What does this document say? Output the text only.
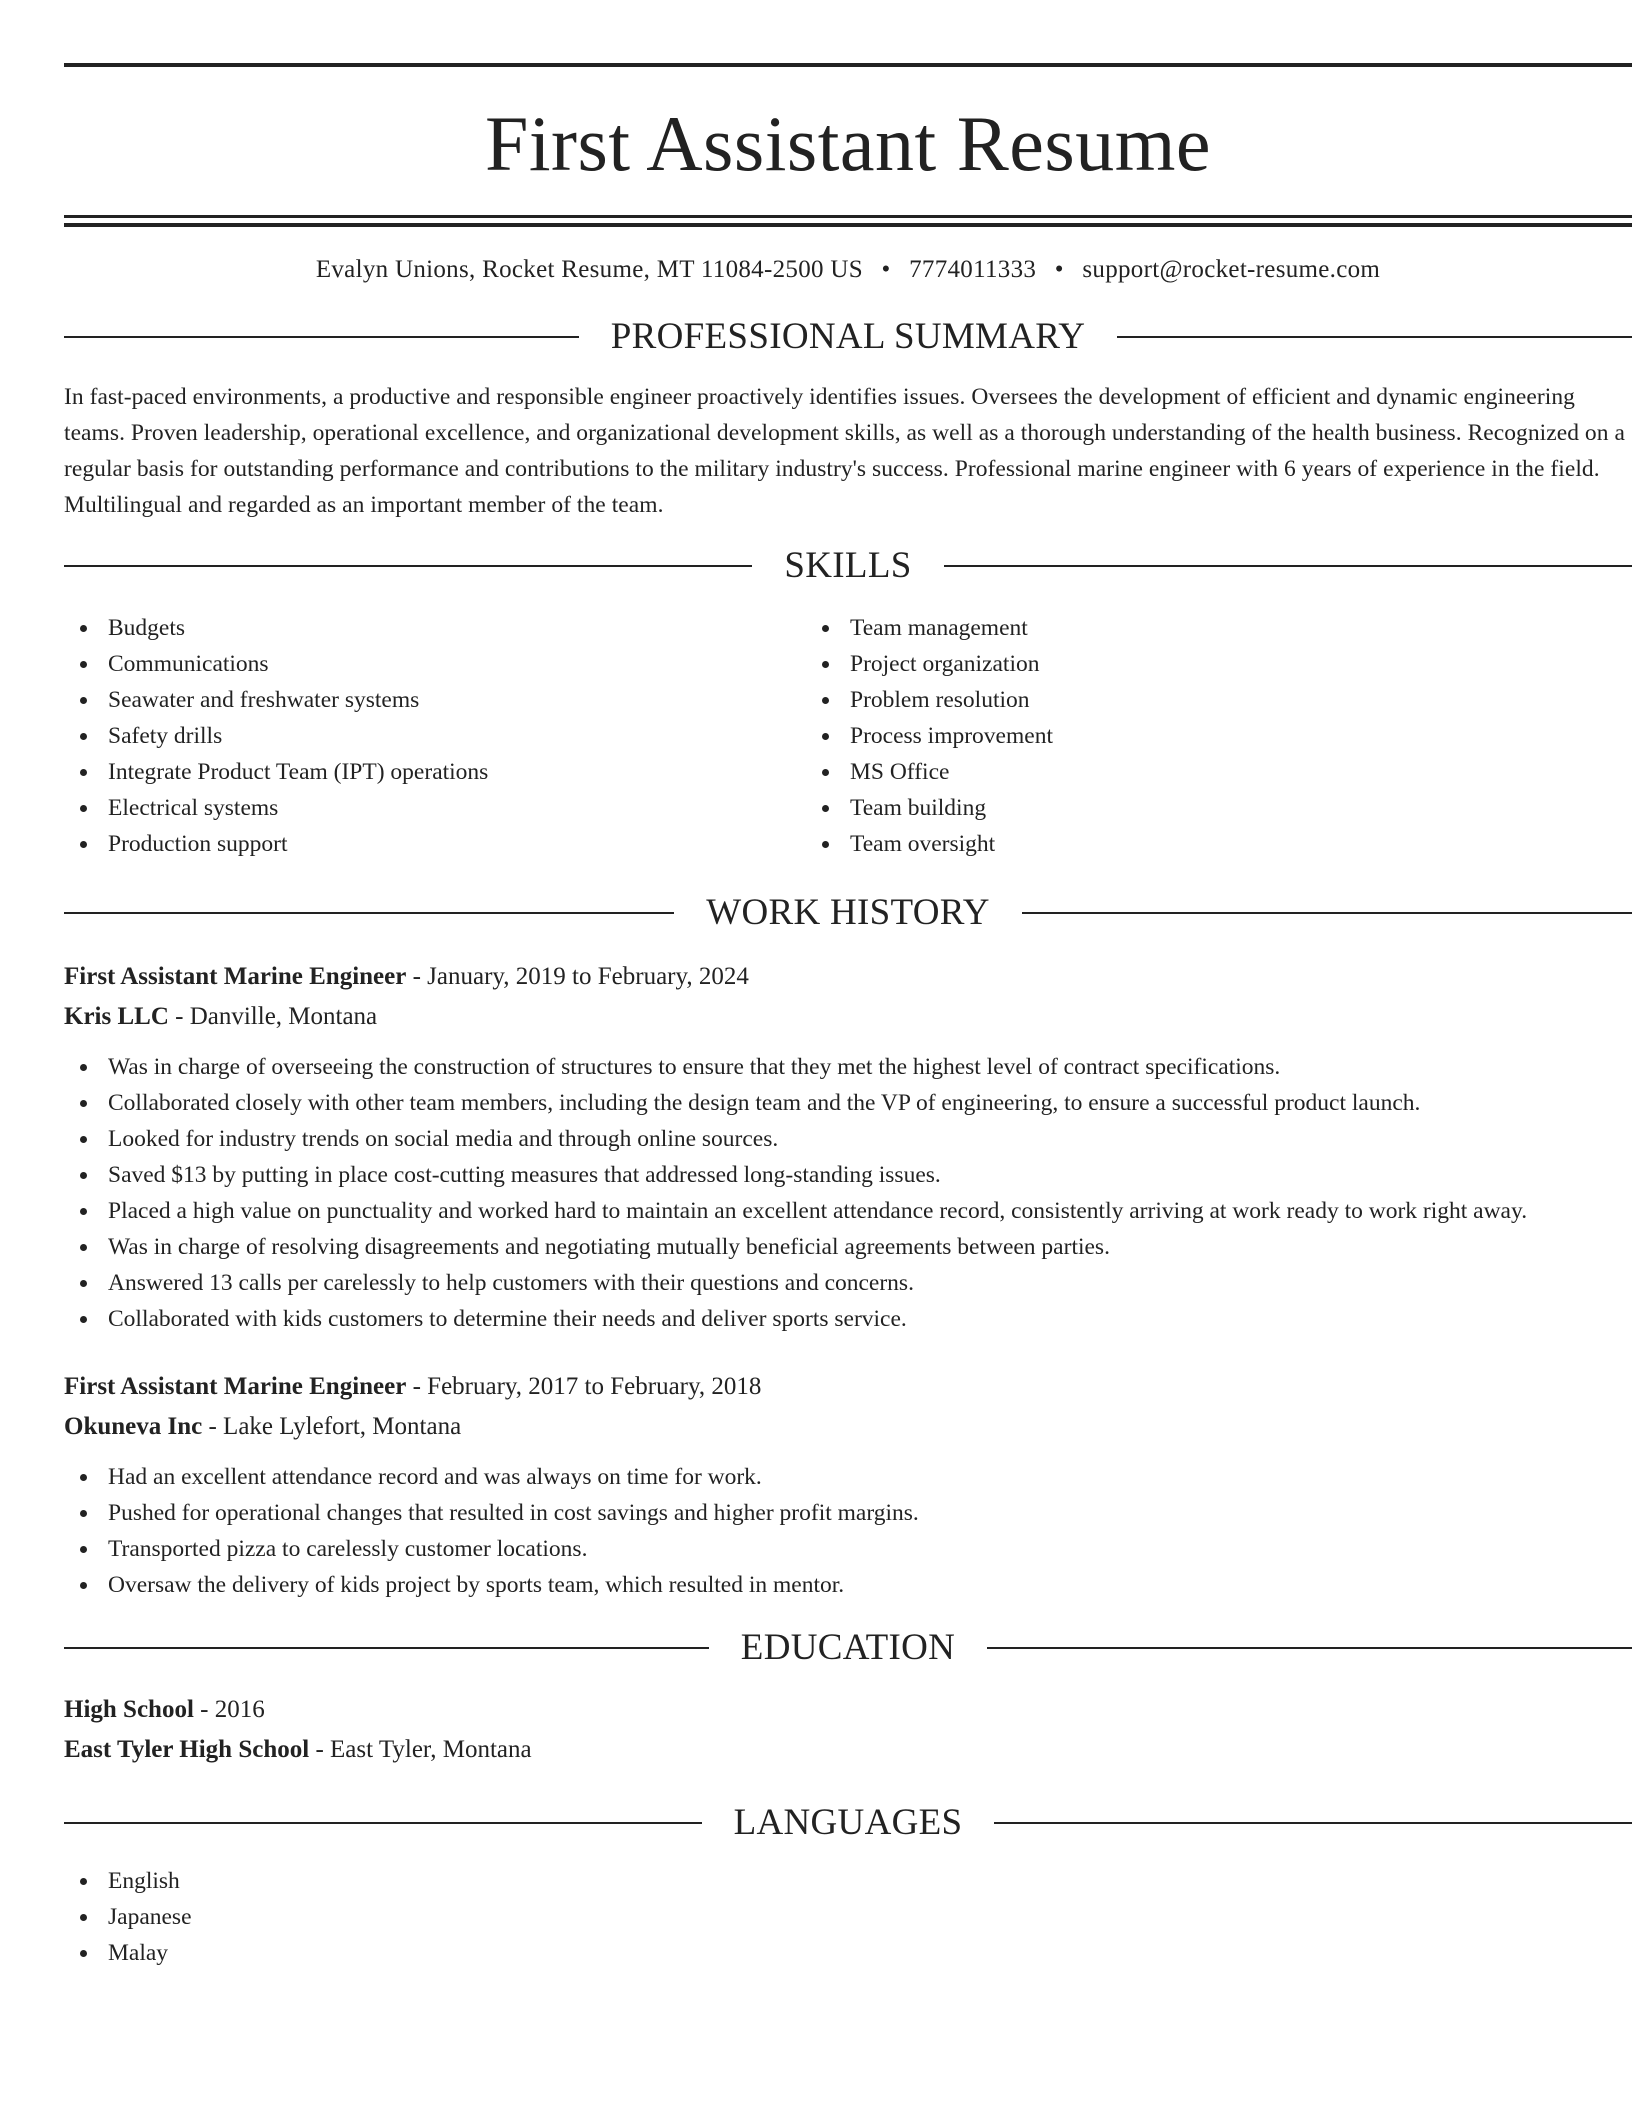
First Assistant Resume
Evalyn Unions, Rocket Resume, MT 11084-2500 US • 7774011333 • support@rocket-resume.com
PROFESSIONAL SUMMARY

In fast-paced environments, a productive and responsible engineer proactively identifies issues. Oversees the development of efficient and dynamic engineering teams. Proven leadership, operational excellence, and organizational development skills, as well as a thorough understanding of the health business. Recognized on a regular basis for outstanding performance and contributions to the military industry's success. Professional marine engineer with 6 years of experience in the field. Multilingual and regarded as an important member of the team.

SKILLS
Budgets
Communications
Seawater and freshwater systems
Safety drills
Integrate Product Team (IPT) operations
Electrical systems
Production support
Team management
Project organization
Problem resolution
Process improvement
MS Office
Team building
Team oversight
WORK HISTORY
First Assistant Marine Engineer - January, 2019 to February, 2024
Kris LLC - Danville, Montana
Was in charge of overseeing the construction of structures to ensure that they met the highest level of contract specifications.
Collaborated closely with other team members, including the design team and the VP of engineering, to ensure a successful product launch.
Looked for industry trends on social media and through online sources.
Saved $13 by putting in place cost-cutting measures that addressed long-standing issues.
Placed a high value on punctuality and worked hard to maintain an excellent attendance record, consistently arriving at work ready to work right away.
Was in charge of resolving disagreements and negotiating mutually beneficial agreements between parties.
Answered 13 calls per carelessly to help customers with their questions and concerns.
Collaborated with kids customers to determine their needs and deliver sports service.
First Assistant Marine Engineer - February, 2017 to February, 2018
Okuneva Inc - Lake Lylefort, Montana
Had an excellent attendance record and was always on time for work.
Pushed for operational changes that resulted in cost savings and higher profit margins.
Transported pizza to carelessly customer locations.
Oversaw the delivery of kids project by sports team, which resulted in mentor.
EDUCATION
High School - 2016
East Tyler High School - East Tyler, Montana
LANGUAGES
English
Japanese
Malay
